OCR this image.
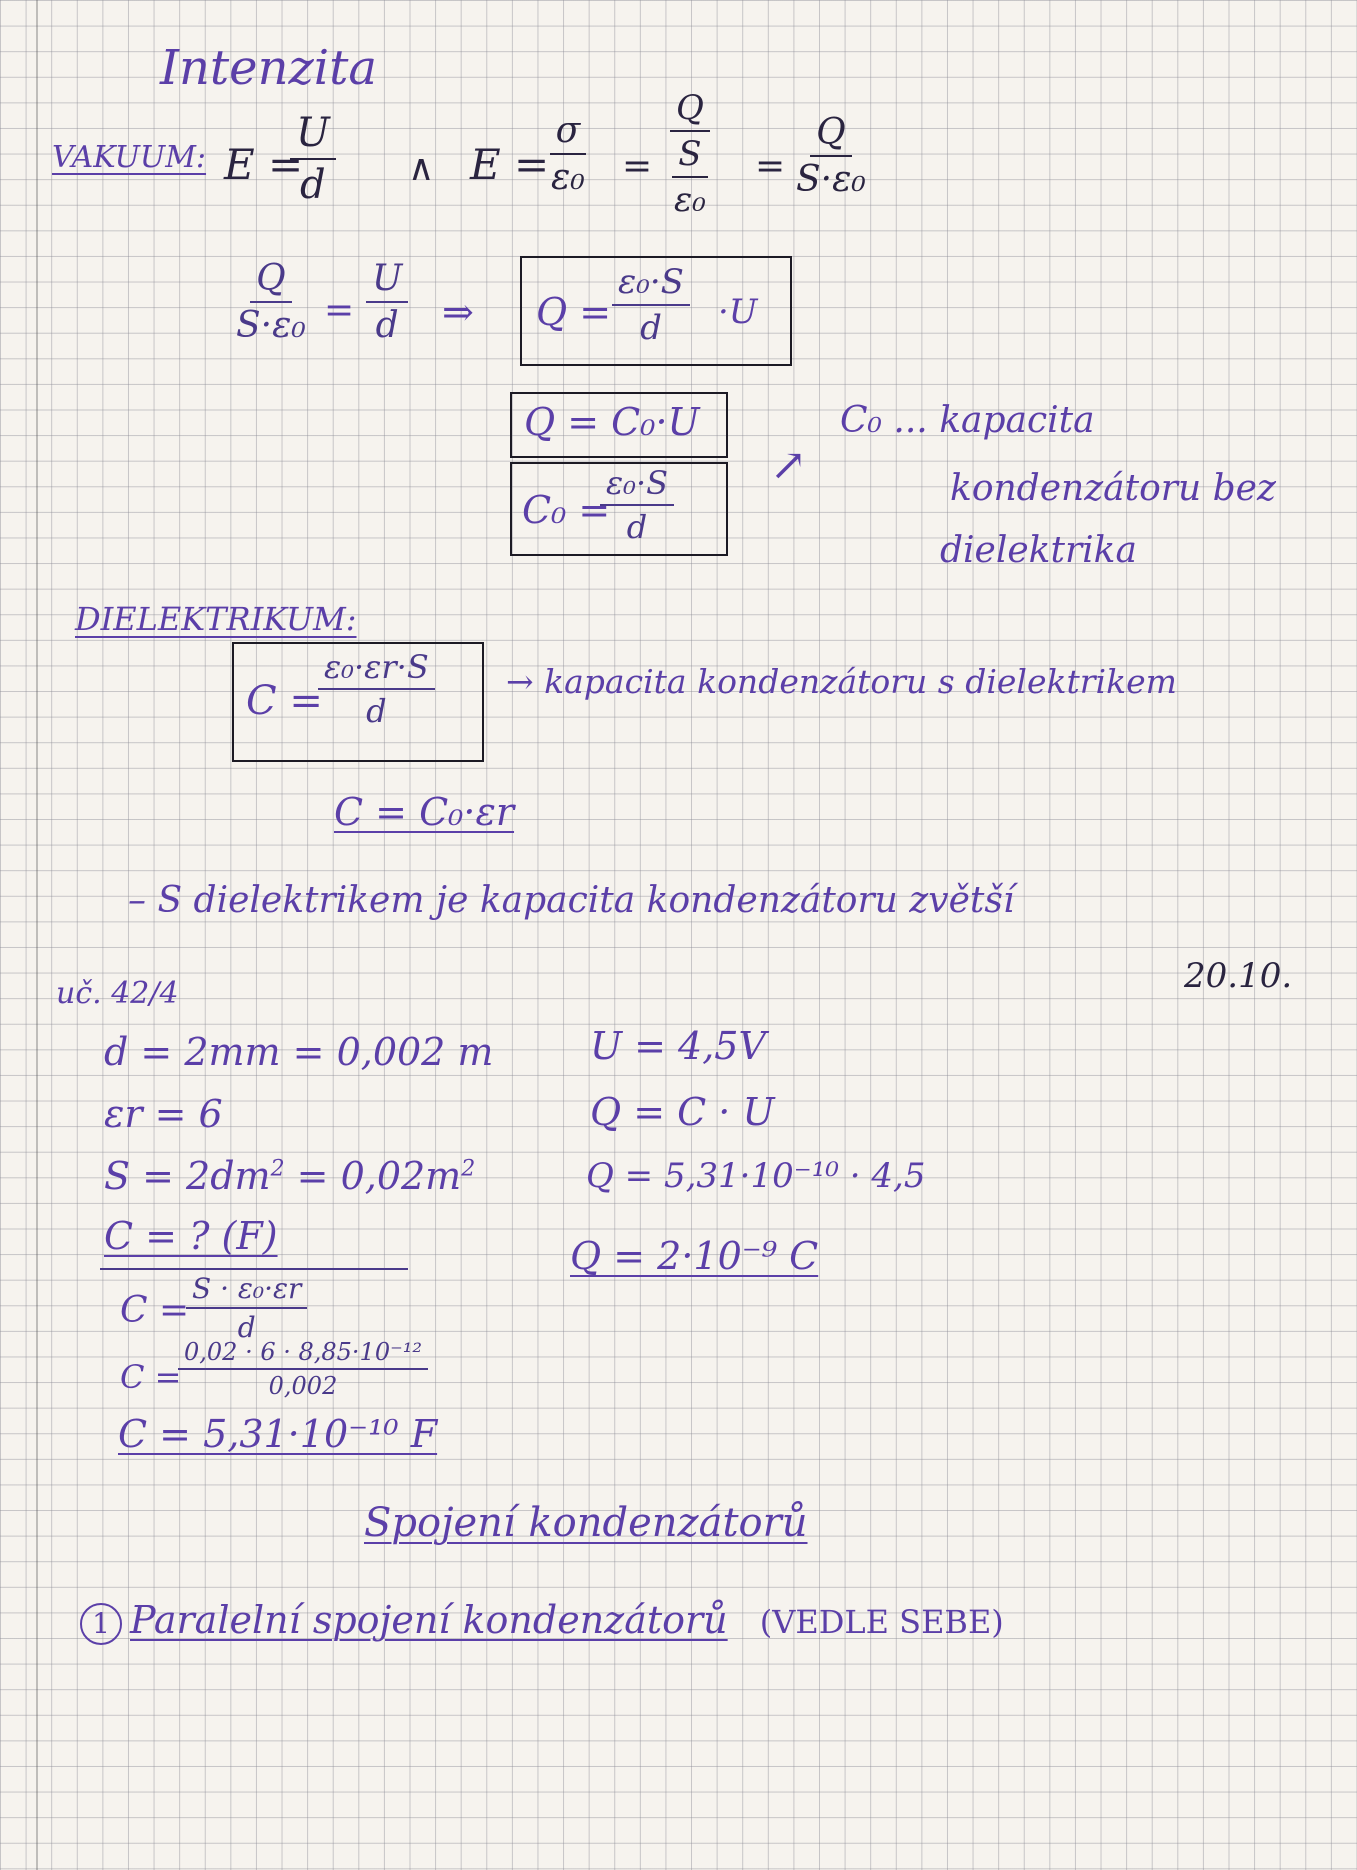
Intenzita
VAKUUM: E =
$\frac{U}{d}$ ∧ E =
$\frac{\sigma}{\text{ε₀}}$ =
Q
S
ε₀
= $\frac{Q}{\text{S·ε₀}}$
$\frac{Q}{\text{S·ε₀}} = \frac{U}{d}$ ⇒ $Q = \frac{\text{ε₀·S}}{d} \cdot U$
Q = C₀·U
C₀ =
$\frac{\text{ε₀·S}}{d}$ ↗
C₀ ... kapacita
kondenzátoru bez
dielektrika
DIELEKTRIKUM:
C =
$\frac{\text{ε₀·εr·S}}{d}$ → kapacita kondenzátoru s dielektrikem
C = C₀·εr
– S dielektrikem je kapacita kondenzátoru zvětší
uč. 42/4	20.10.
d = 2mm = 0,002 m
εr = 6
$S = 2dm^2 = 0,02m^2$
C = ? (F)
C =
$\frac{\text{S · ε₀·εr}}{d}$
C =
$\frac{\text{0,02 · 6 · 8,85·10⁻¹²}}{0,002}$
C = 5,31·10⁻¹⁰ F
U = 4,5V
Q = C · U
Q = 5,31·10⁻¹⁰ · 4,5
Q = 2·10⁻⁹ C
Spojení kondenzátorů
1 Paralelní spojení kondenzátorů (VEDLE SEBE)
